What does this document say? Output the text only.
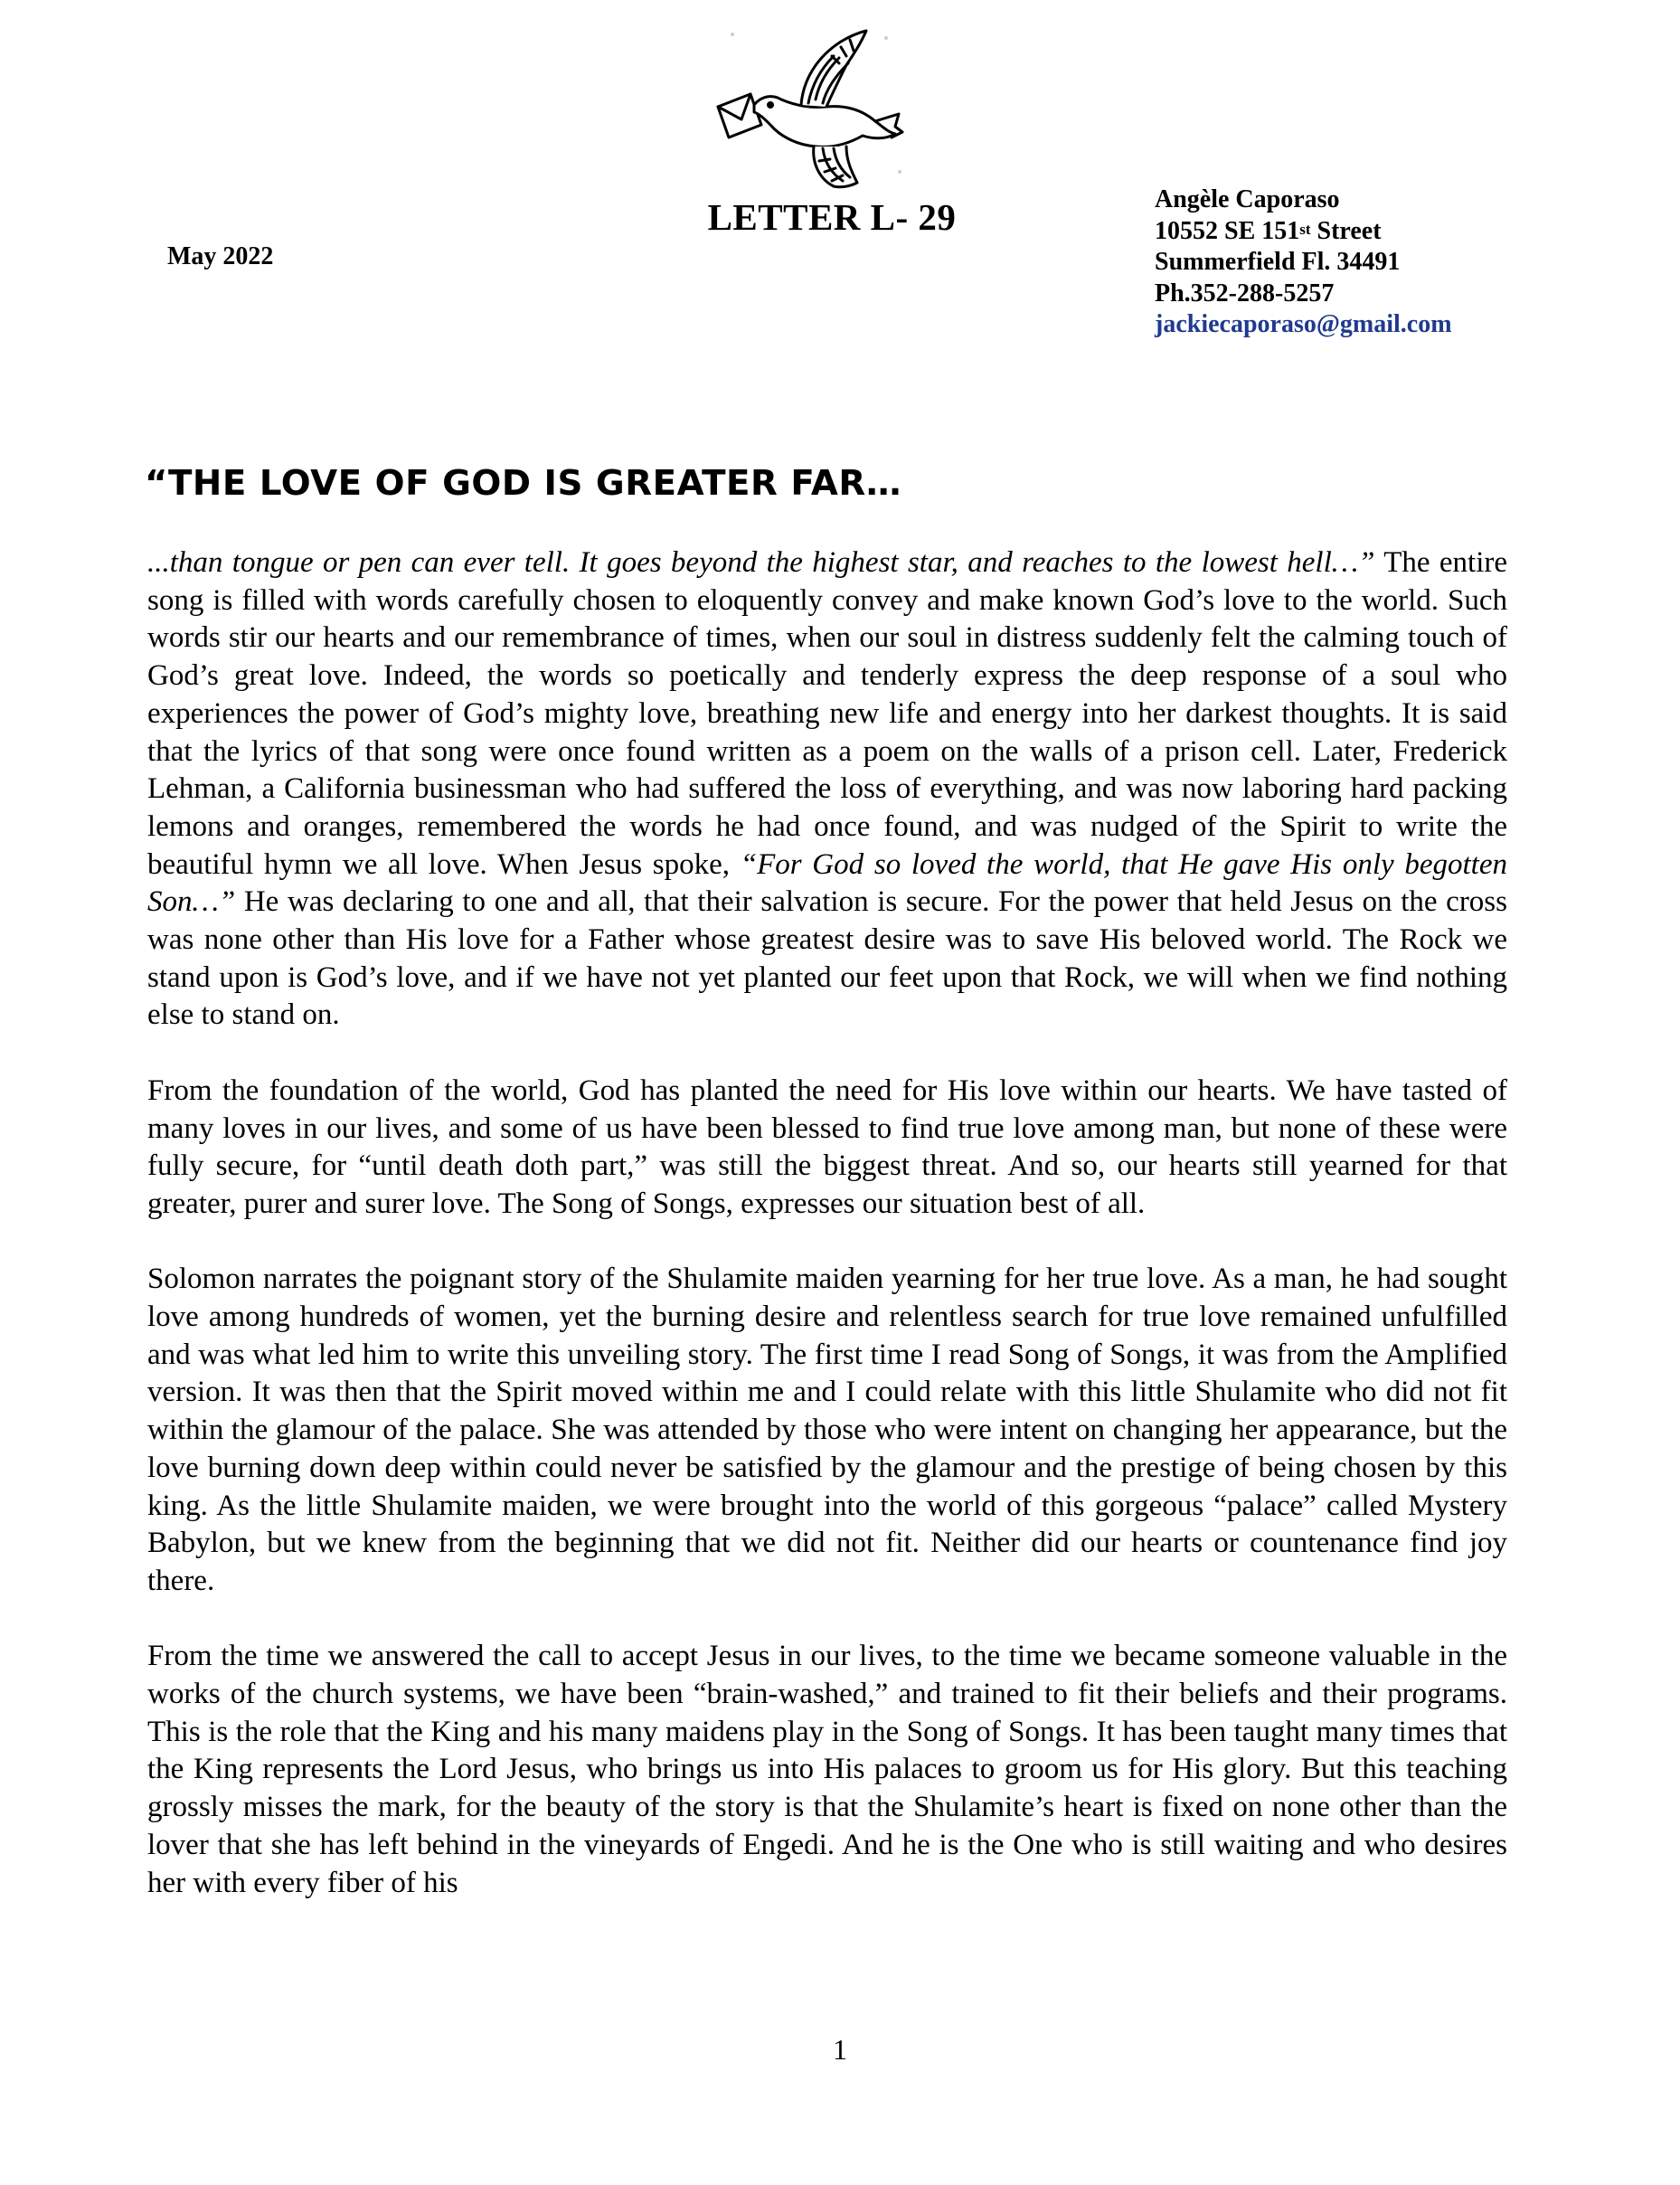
LETTER L- 29
May 2022
Angèle Caporaso
10552 SE 151st Street
Summerfield Fl. 34491
Ph.352-288-5257
jackiecaporaso@gmail.com
“THE LOVE OF GOD IS GREATER FAR…

...than tongue or pen can ever tell. It goes beyond the highest star, and reaches to the lowest hell…” The entire song is filled with words carefully chosen to eloquently convey and make known God’s love to the world. Such words stir our hearts and our remembrance of times, when our soul in distress suddenly felt the calming touch of God’s great love. Indeed, the words so poetically and tenderly express the deep response of a soul who experiences the power of God’s mighty love, breathing new life and energy into her darkest thoughts. It is said that the lyrics of that song were once found written as a poem on the walls of a prison cell. Later, Frederick Lehman, a California businessman who had suffered the loss of everything, and was now laboring hard packing lemons and oranges, remembered the words he had once found, and was nudged of the Spirit to write the beautiful hymn we all love. When Jesus spoke, “For God so loved the world, that He gave His only begotten Son…” He was declaring to one and all, that their salvation is secure. For the power that held Jesus on the cross was none other than His love for a Father whose greatest desire was to save His beloved world. The Rock we stand upon is God’s love, and if we have not yet planted our feet upon that Rock, we will when we find nothing else to stand on.

From the foundation of the world, God has planted the need for His love within our hearts. We have tasted of many loves in our lives, and some of us have been blessed to find true love among man, but none of these were fully secure, for “until death doth part,” was still the biggest threat. And so, our hearts still yearned for that greater, purer and surer love. The Song of Songs, expresses our situation best of all.

Solomon narrates the poignant story of the Shulamite maiden yearning for her true love. As a man, he had sought love among hundreds of women, yet the burning desire and relentless search for true love remained unfulfilled and was what led him to write this unveiling story. The first time I read Song of Songs, it was from the Amplified version. It was then that the Spirit moved within me and I could relate with this little Shulamite who did not fit within the glamour of the palace. She was attended by those who were intent on changing her appearance, but the love burning down deep within could never be satisfied by the glamour and the prestige of being chosen by this king. As the little Shulamite maiden, we were brought into the world of this gorgeous “palace” called Mystery Babylon, but we knew from the beginning that we did not fit. Neither did our hearts or countenance find joy there.

From the time we answered the call to accept Jesus in our lives, to the time we became someone valuable in the works of the church systems, we have been “brain-washed,” and trained to fit their beliefs and their programs. This is the role that the King and his many maidens play in the Song of Songs. It has been taught many times that the King represents the Lord Jesus, who brings us into His palaces to groom us for His glory. But this teaching grossly misses the mark, for the beauty of the story is that the Shulamite’s heart is fixed on none other than the lover that she has left behind in the vineyards of Engedi. And he is the One who is still waiting and who desires her with every fiber of his

1
